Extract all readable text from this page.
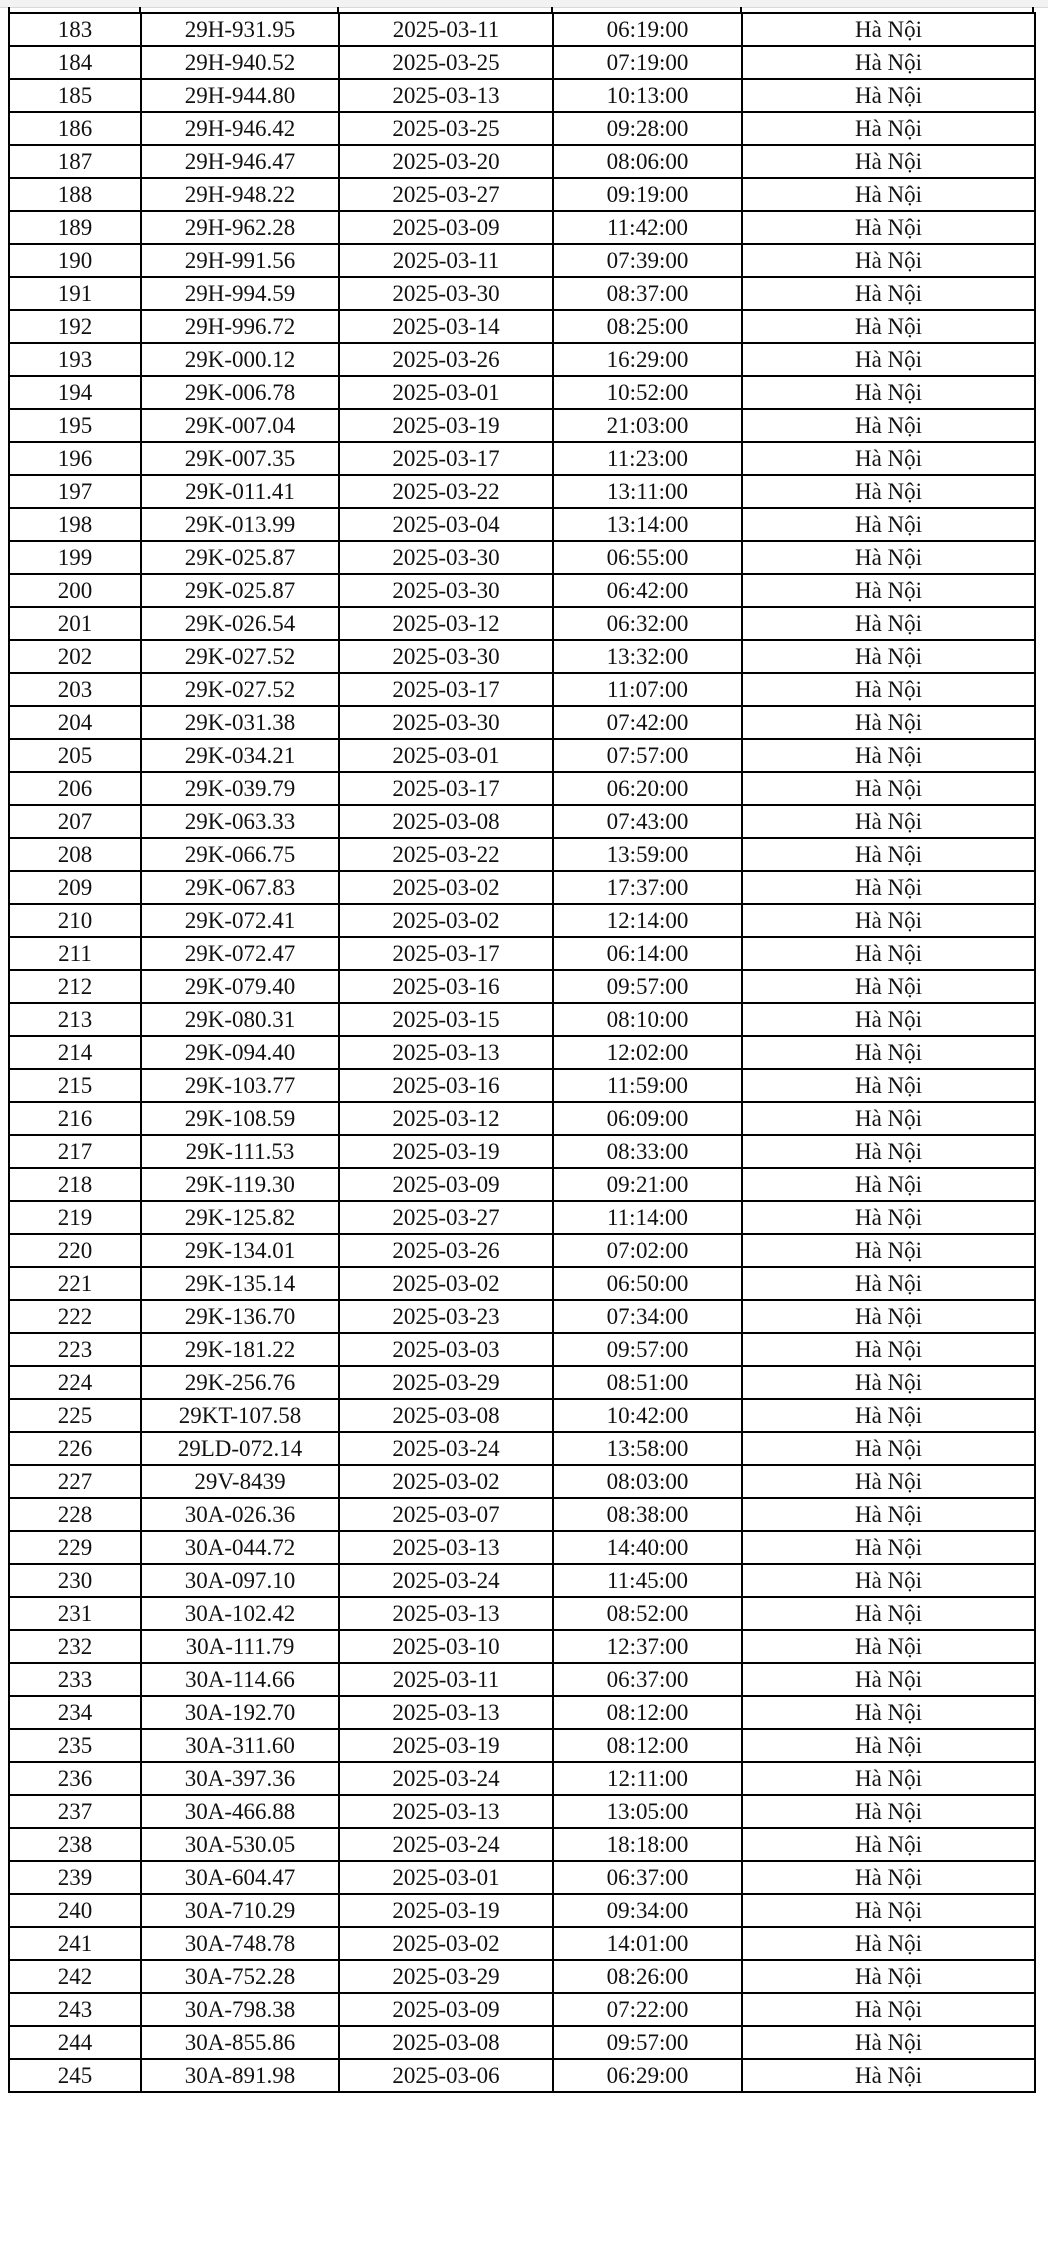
183	29H-931.95	2025-03-11	06:19:00	Hà Nội
184	29H-940.52	2025-03-25	07:19:00	Hà Nội
185	29H-944.80	2025-03-13	10:13:00	Hà Nội
186	29H-946.42	2025-03-25	09:28:00	Hà Nội
187	29H-946.47	2025-03-20	08:06:00	Hà Nội
188	29H-948.22	2025-03-27	09:19:00	Hà Nội
189	29H-962.28	2025-03-09	11:42:00	Hà Nội
190	29H-991.56	2025-03-11	07:39:00	Hà Nội
191	29H-994.59	2025-03-30	08:37:00	Hà Nội
192	29H-996.72	2025-03-14	08:25:00	Hà Nội
193	29K-000.12	2025-03-26	16:29:00	Hà Nội
194	29K-006.78	2025-03-01	10:52:00	Hà Nội
195	29K-007.04	2025-03-19	21:03:00	Hà Nội
196	29K-007.35	2025-03-17	11:23:00	Hà Nội
197	29K-011.41	2025-03-22	13:11:00	Hà Nội
198	29K-013.99	2025-03-04	13:14:00	Hà Nội
199	29K-025.87	2025-03-30	06:55:00	Hà Nội
200	29K-025.87	2025-03-30	06:42:00	Hà Nội
201	29K-026.54	2025-03-12	06:32:00	Hà Nội
202	29K-027.52	2025-03-30	13:32:00	Hà Nội
203	29K-027.52	2025-03-17	11:07:00	Hà Nội
204	29K-031.38	2025-03-30	07:42:00	Hà Nội
205	29K-034.21	2025-03-01	07:57:00	Hà Nội
206	29K-039.79	2025-03-17	06:20:00	Hà Nội
207	29K-063.33	2025-03-08	07:43:00	Hà Nội
208	29K-066.75	2025-03-22	13:59:00	Hà Nội
209	29K-067.83	2025-03-02	17:37:00	Hà Nội
210	29K-072.41	2025-03-02	12:14:00	Hà Nội
211	29K-072.47	2025-03-17	06:14:00	Hà Nội
212	29K-079.40	2025-03-16	09:57:00	Hà Nội
213	29K-080.31	2025-03-15	08:10:00	Hà Nội
214	29K-094.40	2025-03-13	12:02:00	Hà Nội
215	29K-103.77	2025-03-16	11:59:00	Hà Nội
216	29K-108.59	2025-03-12	06:09:00	Hà Nội
217	29K-111.53	2025-03-19	08:33:00	Hà Nội
218	29K-119.30	2025-03-09	09:21:00	Hà Nội
219	29K-125.82	2025-03-27	11:14:00	Hà Nội
220	29K-134.01	2025-03-26	07:02:00	Hà Nội
221	29K-135.14	2025-03-02	06:50:00	Hà Nội
222	29K-136.70	2025-03-23	07:34:00	Hà Nội
223	29K-181.22	2025-03-03	09:57:00	Hà Nội
224	29K-256.76	2025-03-29	08:51:00	Hà Nội
225	29KT-107.58	2025-03-08	10:42:00	Hà Nội
226	29LD-072.14	2025-03-24	13:58:00	Hà Nội
227	29V-8439	2025-03-02	08:03:00	Hà Nội
228	30A-026.36	2025-03-07	08:38:00	Hà Nội
229	30A-044.72	2025-03-13	14:40:00	Hà Nội
230	30A-097.10	2025-03-24	11:45:00	Hà Nội
231	30A-102.42	2025-03-13	08:52:00	Hà Nội
232	30A-111.79	2025-03-10	12:37:00	Hà Nội
233	30A-114.66	2025-03-11	06:37:00	Hà Nội
234	30A-192.70	2025-03-13	08:12:00	Hà Nội
235	30A-311.60	2025-03-19	08:12:00	Hà Nội
236	30A-397.36	2025-03-24	12:11:00	Hà Nội
237	30A-466.88	2025-03-13	13:05:00	Hà Nội
238	30A-530.05	2025-03-24	18:18:00	Hà Nội
239	30A-604.47	2025-03-01	06:37:00	Hà Nội
240	30A-710.29	2025-03-19	09:34:00	Hà Nội
241	30A-748.78	2025-03-02	14:01:00	Hà Nội
242	30A-752.28	2025-03-29	08:26:00	Hà Nội
243	30A-798.38	2025-03-09	07:22:00	Hà Nội
244	30A-855.86	2025-03-08	09:57:00	Hà Nội
245	30A-891.98	2025-03-06	06:29:00	Hà Nội
